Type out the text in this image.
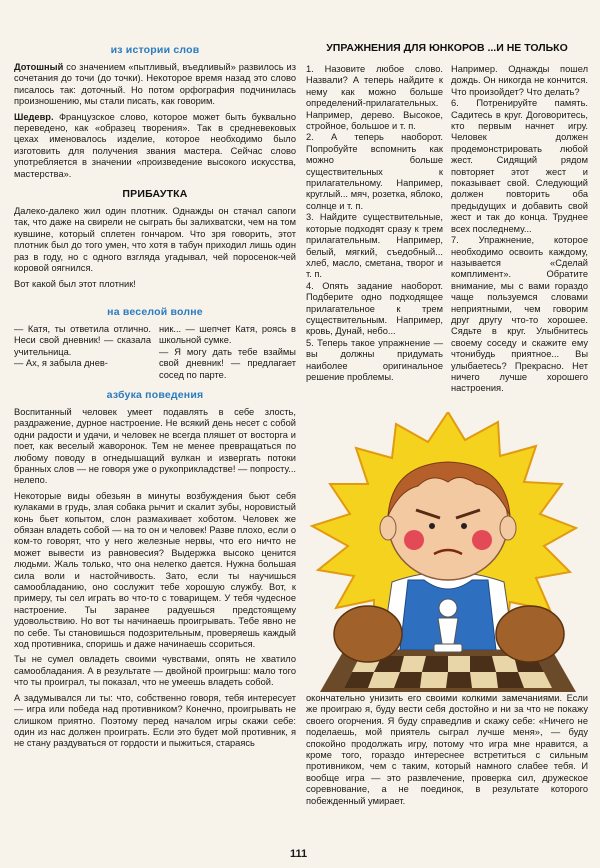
из истории слов

Дотошный со значением «пытливый, въедливый» развилось из сочетания до точи (до точки). Некоторое время назад это слово писалось так: доточный. Но потом орфография подчинилась произношению, мы стали писать, как говорим.

Шедевр. Французское слово, которое может быть буквально переведено, как «образец творения». Так в средневековых цехах именовалось изделие, которое необходимо было изготовить для получения звания мастера. Сейчас слово употребляется в значении «произведение высокого искусства, мастерства».

ПРИБАУТКА

Далеко-далеко жил один плотник. Однажды он стачал сапоги так, что даже на свирели не сыграть бы залихватски, чем на том кувшине, который сплетен гончаром. Что зря говорить, этот плотник был до того умен, что хотя в табун приходил лишь один раз в году, но с одного взгляда угадывал, чей поросенок-чей коровой оягнился.

Вот какой был этот плотник!

на веселой волне

— Катя, ты ответила отлично. Неси свой дневник! — сказала учительница.
— Ах, я забыла днев-

ник... — шепчет Катя, роясь в школьной сумке.
— Я могу дать тебе взаймы свой дневник! — предлагает сосед по парте.

азбука поведения

Воспитанный человек умеет подавлять в себе злость, раздражение, дурное настроение. Не всякий день несет с собой одни радости и удачи, и человек не всегда пляшет от восторга и поет, как веселый жаворонок. Тем не менее превращаться по любому поводу в огнедышащий вулкан и извергать потоки бранных слов — не говоря уже о рукоприкладстве! — попросту... нелепо.

Некоторые виды обезьян в минуты возбуждения бьют себя кулаками в грудь, злая собака рычит и скалит зубы, норовистый конь бьет копытом, слон размахивает хоботом. Человек же обязан владеть собой — на то он и человек! Разве плохо, если о ком-то говорят, что у него железные нервы, что его ничто не может вывести из равновесия? Выдержка высоко ценится людьми. Жаль только, что она нелегко дается. Нужна большая сила воли и настойчивость. Зато, если ты научишься самообладанию, оно сослужит тебе хорошую службу. Вот, к примеру, ты сел играть во что-то с товарищем. У тебя чудесное настроение. Ты заранее радуешься предстоящему удовольствию. Но вот ты начинаешь проигрывать. Тебе явно не по себе. Ты становишься подозрительным, проверяешь каждый ход противника, споришь и даже начинаешь ссориться.

Ты не сумел овладеть своими чувствами, опять не хватило самообладания. А в результате — двойной проигрыш: мало того что ты проиграл, ты показал, что не умеешь владеть собой.

А задумывался ли ты: что, собственно говоря, тебя интересует — игра или победа над противником? Конечно, проигрывать не слишком приятно. Поэтому перед началом игры скажи себе: один из нас должен проиграть. Если это будет мой противник, я не стану раздуваться от гордости и пыжиться, стараясь

УПРАЖНЕНИЯ ДЛЯ ЮНКОРОВ ...И НЕ ТОЛЬКО

1. Назовите любое слово. Назвали? А теперь найдите к нему как можно больше определений-прилагательных. Например, дерево. Высокое, стройное, большое и т. п.
2. А теперь наоборот. Попробуйте вспомнить как можно больше существительных к прилагательному. Например, круглый... мяч, розетка, яблоко, солнце и т. п.
3. Найдите существительные, которые подходят сразу к трем прилагательным. Например, белый, мягкий, съедобный... хлеб, масло, сметана, творог и т. п.
4. Опять задание наоборот. Подберите одно подходящее прилагательное к трем существительным. Например, кровь, Дунай, небо...
5. Теперь такое упражнение — вы должны придумать наиболее оригинальное решение проблемы.

Например. Однажды пошел дождь. Он никогда не кончится. Что произойдет? Что делать?
6. Потренируйте память. Садитесь в круг. Договоритесь, кто первым начнет игру. Человек должен продемонстрировать любой жест. Сидящий рядом повторяет этот жест и показывает свой. Следующий должен повторить оба предыдущих и добавить свой жест и так до конца. Труднее всех последнему...
7. Упражнение, которое необходимо освоить каждому, называется «Сделай комплимент». Обратите внимание, мы с вами гораздо чаще пользуемся словами неприятными, чем говорим друг другу что-то хорошее. Сядьте в круг. Улыбнитесь своему соседу и скажите ему чтонибудь приятное... Вы улыбаетесь? Прекрасно. Нет ничего лучше хорошего настроения.

окончательно унизить его своими колкими замечаниями. Если же проиграю я, буду вести себя достойно и ни за что не покажу своего огорчения. Я буду справедлив и скажу себе: «Ничего не поделаешь, мой приятель сыграл лучше меня», — буду спокойно продолжать игру, потому что игра мне нравится, а кроме того, гораздо интереснее встретиться с сильным противником, чем с таким, который намного слабее тебя. И вообще игра — это развлечение, проверка сил, дружеское соревнование, а не поединок, в результате которого побежденный умирает.

111
